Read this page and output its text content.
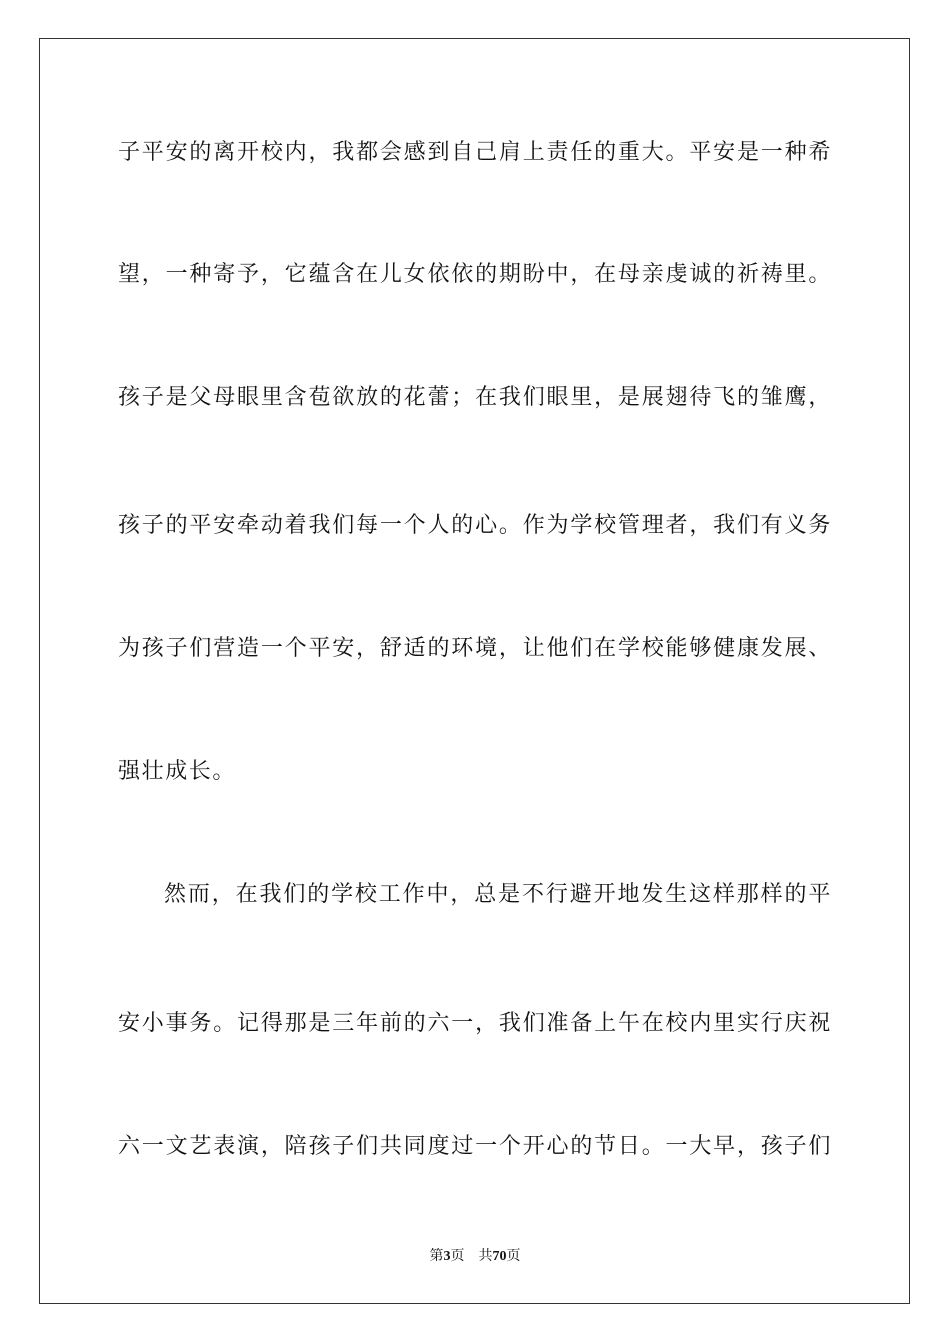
子平安的离开校内，我都会感到自己肩上责任的重大。平安是一种希
望，一种寄予，它蕴含在儿女依依的期盼中，在母亲虔诚的祈祷里。
孩子是父母眼里含苞欲放的花蕾；在我们眼里，是展翅待飞的雏鹰，
孩子的平安牵动着我们每一个人的心。作为学校管理者，我们有义务
为孩子们营造一个平安，舒适的环境，让他们在学校能够健康发展、
强壮成长。
然而，在我们的学校工作中，总是不行避开地发生这样那样的平
安小事务。记得那是三年前的六一，我们准备上午在校内里实行庆祝
六一文艺表演，陪孩子们共同度过一个开心的节日。一大早，孩子们
第3页 共70页
